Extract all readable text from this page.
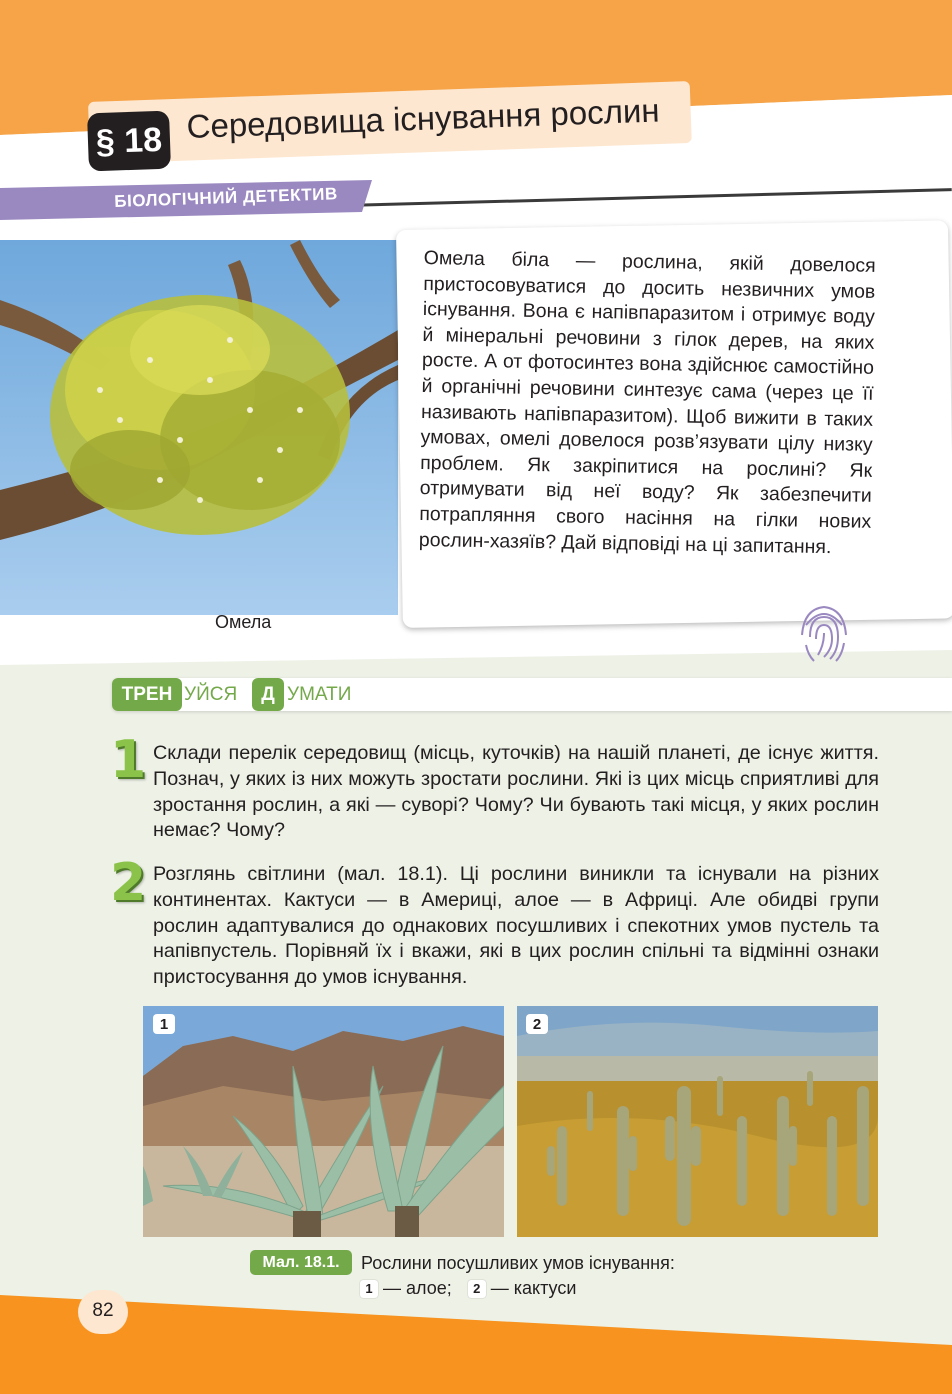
§ 18 Середовища існування рослин
БІОЛОГІЧНИЙ ДЕТЕКТИВ
Омела
Омела біла — рослина, якій довелося пристосовуватися до досить незвичних умов існування. Вона є напівпаразитом і отримує воду й мінеральні речовини з гілок дерев, на яких росте. А от фотосинтез вона здійснює самостійно й органічні речовини синтезує сама (через це її називають напівпаразитом). Щоб вижити в таких умовах, омелі довелося розв’язувати цілу низку проблем. Як закріпитися на рослині? Як отримувати від неї воду? Як забезпечити потрапляння свого насіння на гілки нових рослин-хазяїв? Дай відповіді на ці запитання.
ТРЕН УЙСЯ	Д УМАТИ
1 Склади перелік середовищ (місць, куточків) на нашій планеті, де існує життя. Познач, у яких із них можуть зростати рослини. Які із цих місць сприятливі для зростання рослин, а які — суворі? Чому? Чи бувають такі місця, у яких рослин немає? Чому?
2 Розглянь світлини (мал. 18.1). Ці рослини виникли та існували на різних континентах. Кактуси — в Америці, алое — в Африці. Але обидві групи рослин адаптувалися до однакових посушливих і спекотних умов пустель та напівпустель. Порівняй їх і вкажи, які в цих рослин спільні та відмінні ознаки пристосування до умов існування.
1	2
Мал. 18.1.	Рослини посушливих умов існування:
1 — алое;	2 — кактуси
82
